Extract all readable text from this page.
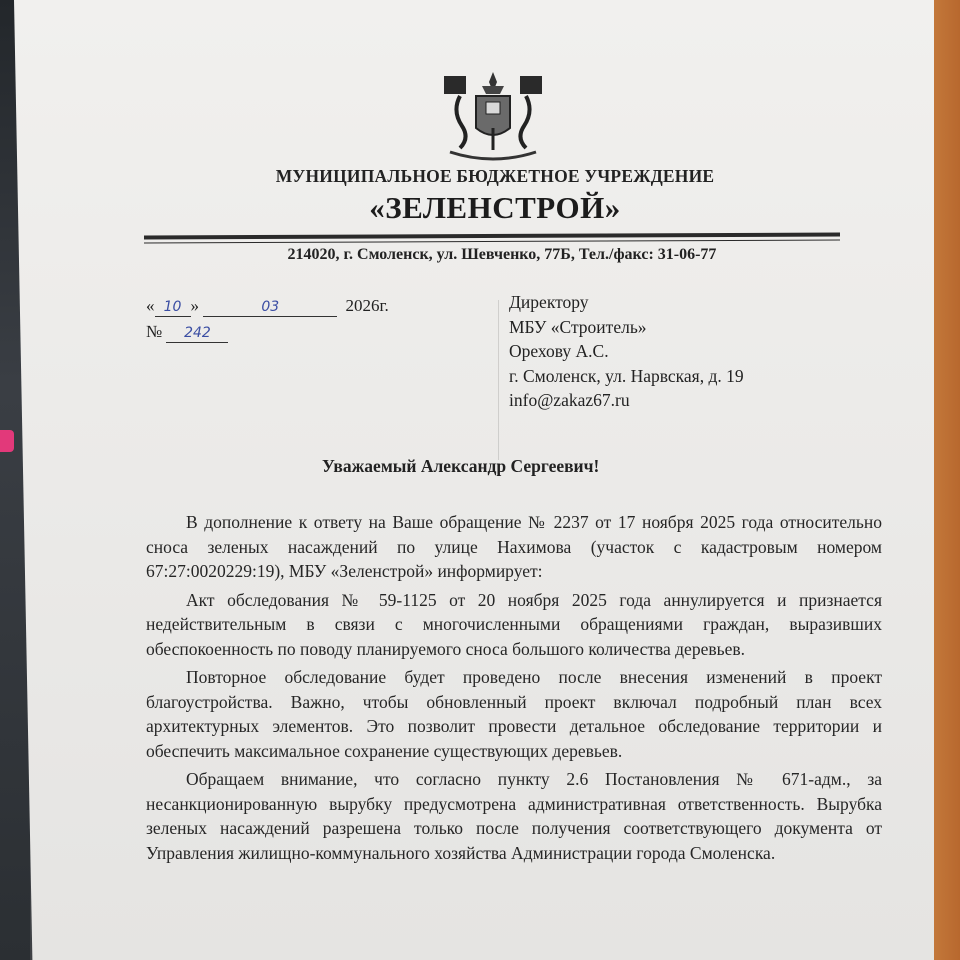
МУНИЦИПАЛЬНОЕ БЮДЖЕТНОЕ УЧРЕЖДЕНИЕ
«ЗЕЛЕНСТРОЙ»
214020, г. Смоленск, ул. Шевченко, 77Б, Тел./факс: 31-06-77
« 10 »	03	2026г.
№ 242
Директору
МБУ «Строитель»
Орехову А.С.
г. Смоленск, ул. Нарвская, д. 19
info@zakaz67.ru
Уважаемый Александр Сергеевич!

В дополнение к ответу на Ваше обращение № 2237 от 17 ноября 2025 года относительно сноса зеленых насаждений по улице Нахимова (участок с кадастровым номером 67:27:0020229:19), МБУ «Зеленстрой» информирует:

Акт обследования № 59-1125 от 20 ноября 2025 года аннулируется и признается недействительным в связи с многочисленными обращениями граждан, выразивших обеспокоенность по поводу планируемого сноса большого количества деревьев.

Повторное обследование будет проведено после внесения изменений в проект благоустройства. Важно, чтобы обновленный проект включал подробный план всех архитектурных элементов. Это позволит провести детальное обследование территории и обеспечить максимальное сохранение существующих деревьев.

Обращаем внимание, что согласно пункту 2.6 Постановления № 671-адм., за несанкционированную вырубку предусмотрена административная ответственность. Вырубка зеленых насаждений разрешена только после получения соответствующего документа от Управления жилищно-коммунального хозяйства Администрации города Смоленска.
